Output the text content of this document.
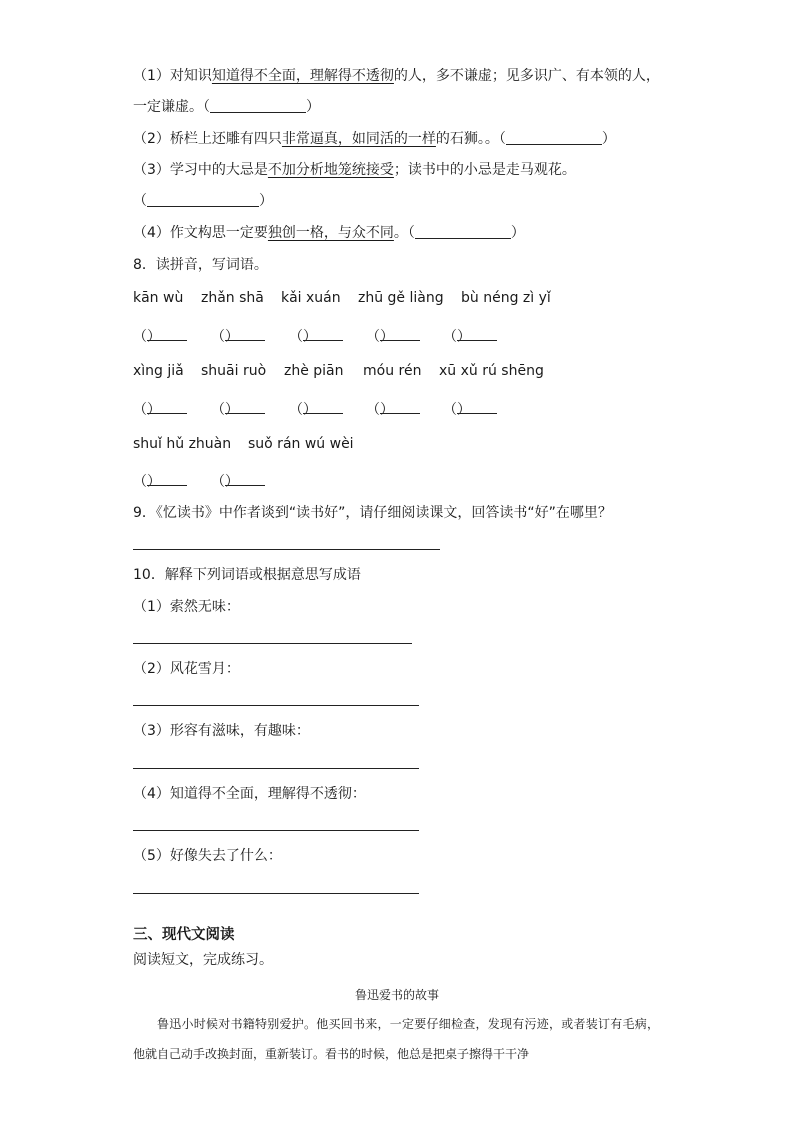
（1）对知识知道得不全面，理解得不透彻的人，多不谦虚；见多识广、有本领的人，
一定谦虚。（	）
（2）桥栏上还雕有四只非常逼真，如同活的一样的石狮。。（	）
（3）学习中的大忌是不加分析地笼统接受；读书中的小忌是走马观花。
（	）
（4）作文构思一定要独创一格，与众不同。（	）
8．读拼音，写词语。
kān wù zhǎn shā kǎi xuán zhū gě liàng bù néng zì yǐ
（
）	（
）	（
）	（
）	（
）
xìng jiǎ shuāi ruò zhè piān móu rén xū xǔ rú shēng
（
）	（
）	（
）	（
）	（
）
shuǐ hǔ zhuàn suǒ rán wú wèi
（
）	（
）
9．《忆读书》中作者谈到“读书好”，请仔细阅读课文，回答读书“好”在哪里？
10．解释下列词语或根据意思写成语
（1）索然无味：
（2）风花雪月：
（3）形容有滋味，有趣味：
（4）知道得不全面，理解得不透彻：
（5）好像失去了什么：
三、现代文阅读
阅读短文，完成练习。
鲁迅爱书的故事
鲁迅小时候对书籍特别爱护。他买回书来，一定要仔细检查，发现有污迹，或者装订有毛病，他就自己动手改换封面，重新装订。看书的时候，他总是把桌子擦得干干净
